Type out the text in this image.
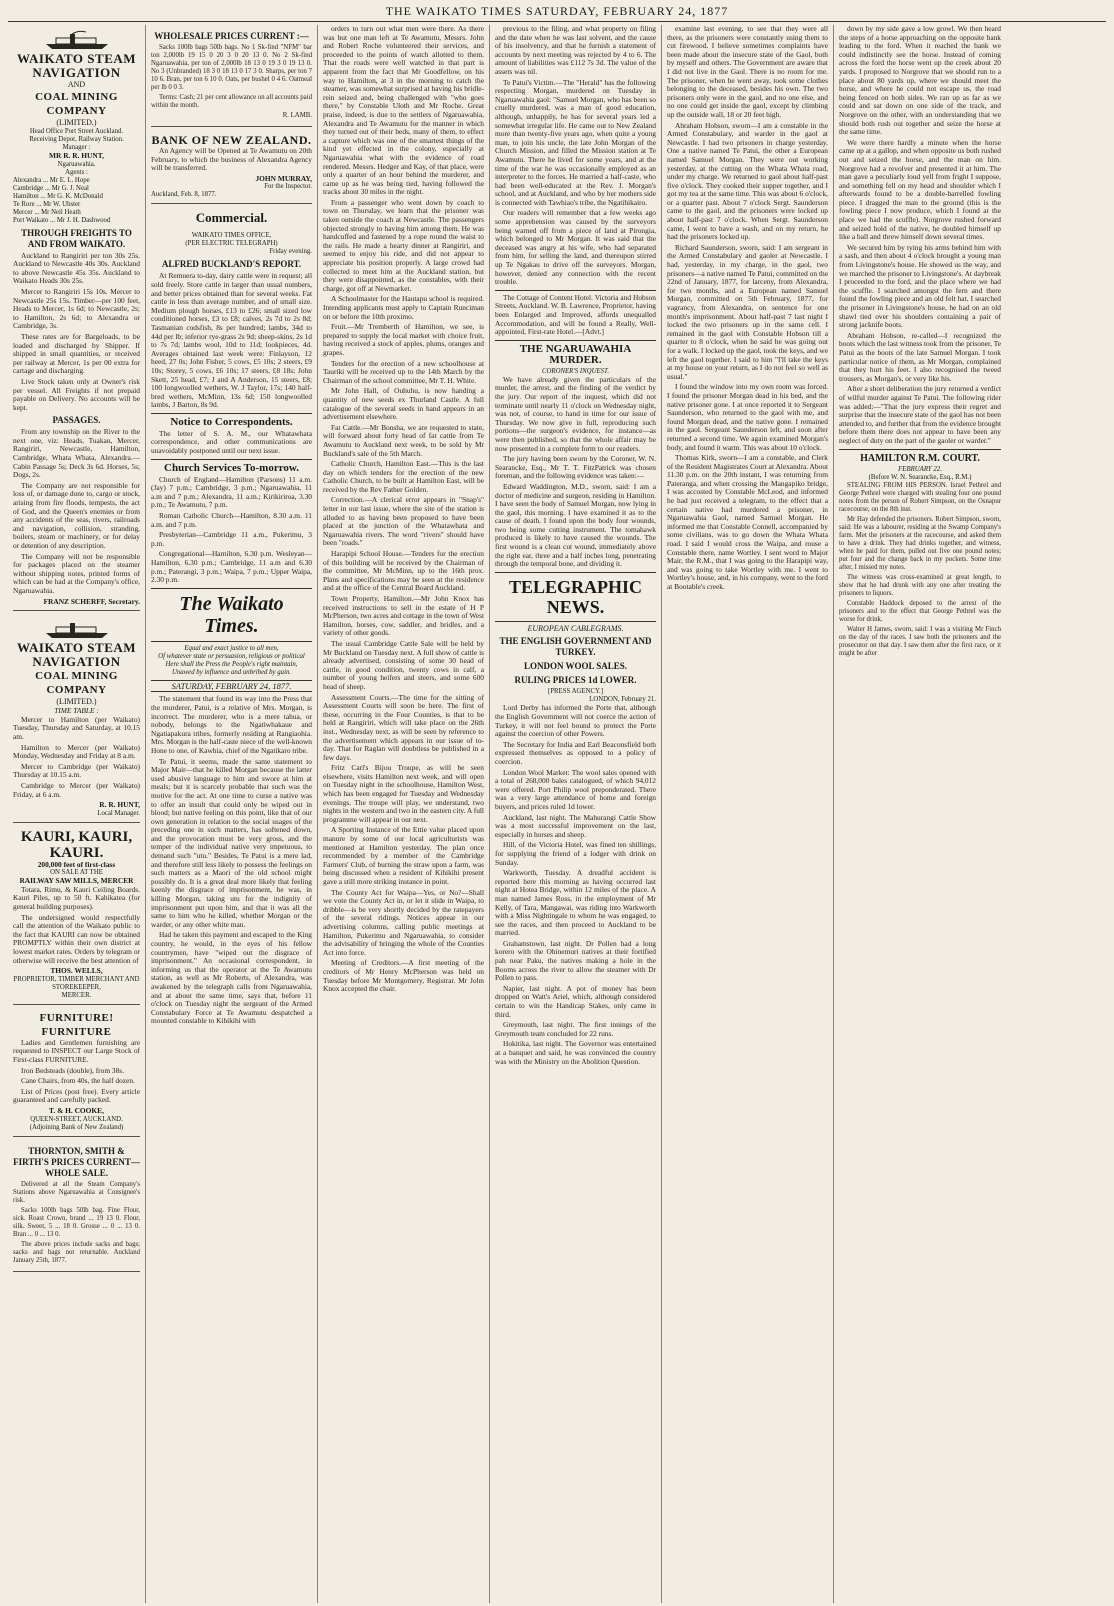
THE WAIKATO TIMES SATURDAY, FEBRUARY 24, 1877
WAIKATO STEAM NAVIGATION
AND
COAL MINING COMPANY
(LIMITED.)
Head Office Port Street Auckland.
Receiving Depot, Railway Station.
Manager :
MR R. R. HUNT,
Ngaruawahia.
Agents :
Alexandra ... Mr E. L. Hope
Cambridge ... Mr G. J. Neal
Hamilton ... Mr G. K. McDonald
Te Rore ... Mr W. Ubster
Mercer ... Mr Neil Heath
Port Waikato ... Mr J. H. Dashwood
THROUGH FREIGHTS TO AND FROM WAIKATO.

Auckland to Rangiriri per ton 30s 25s. Auckland to Newcastle 40s 30s. Auckland to above Newcastle 45s 35s. Auckland to Waikato Heads 30s 25s.

Mercer to Rangiriri 15s 10s. Mercer to Newcastle 25s 15s. Timber—per 100 feet, Heads to Mercer, 1s 6d; to Newcastle, 2s; to Hamilton, 2s 6d; to Alexandra or Cambridge, 3s.

These rates are for Bargeloads, to be loaded and discharged by Shipper. If shipped in small quantities, or received per railway at Mercer, 1s per 00 extra for cartage and discharging.

Live Stock taken only at Owner's risk per vessel. All Freights if not prepaid payable on Delivery. No accounts will be kept.

PASSAGES.

From any township on the River to the next one, viz: Heads, Tuakau, Mercer, Rangiriri, Newcastle, Hamilton, Cambridge, Whata Whata, Alexandra.—Cabin Passage 5s; Deck 3s 6d. Horses, 5s; Dogs, 2s.

The Company are not responsible for loss of, or damage done to, cargo or stock, arising from fire floods, tempests, the act of God, and the Queen's enemies or from any accidents of the seas, rivers, railroads and navigation, collision, stranding, boilers, steam or machinery, or for delay or detention of any description.

The Company will not be responsible for packages placed on the steamer without shipping notes, printed forms of which can be had at the Company's office, Ngaruawahia.

FRANZ SCHERFF, Secretary.
WAIKATO STEAM NAVIGATION
COAL MINING COMPANY
(LIMITED.)
TIME TABLE :

Mercer to Hamilton (per Waikato) Tuesday, Thursday and Saturday, at 10.15 am.

Hamilton to Mercer (per Waikato) Monday, Wednesday and Friday at 8 a.m.

Mercer to Cambridge (per Waikato) Thursday at 10.15 a.m.

Cambridge to Mercer (per Waikato) Friday, at 6 a.m.

R. R. HUNT,
Local Manager.
KAURI, KAURI, KAURI.
200,000 feet of first-class
ON SALE AT THE
RAILWAY SAW MILLS, MERCER

Totara, Rimu, & Kauri Ceiling Boards. Kauri Piles, up to 50 ft. Kahikatea (for general building purposes).

The undersigned would respectfully call the attention of the Waikato public to the fact that KAURI can now be obtained PROMPTLY within their own district at lowest market rates. Orders by telegram or otherwise will receive the best attention of

THOS. WELLS,
PROPRIETOR, TIMBER MERCHANT AND STOREKEEPER,
MERCER.
FURNITURE! FURNITURE

Ladies and Gentlemen furnishing are requested to INSPECT our Large Stock of First-class FURNITURE.

Iron Bedsteads (double), from 38s.

Cane Chairs, from 40s, the half dozen.

List of Prices (post free). Every article guaranteed and carefully packed.

T. & H. COOKE,
QUEEN-STREET, AUCKLAND.
(Adjoining Bank of New Zealand)
THORNTON, SMITH & FIRTH'S PRICES CURRENT— WHOLE SALE.

Delivered at all the Steam Company's Stations above Ngaruawahia at Consignee's risk.

Sacks 100lb bags 50lb bag. Fine Flour, sick. Roast Crown, brand ... 19 13 0. Flour, silk. Sweet, 5 ... 18 0. Grosse ... 0 ... 13 0. Bran ... 0 ... 13 0.

The above prices include sacks and bags; sacks and bags not returnable. Auckland January 25th, 1877.

WHOLESALE PRICES CURRENT :—

Sacks 100lb bags 50lb bags. No 1 Sk-find "NFM" bar ton 2,000lb 19 15 0 20 3 0 20 13 0. No 2 Sk-find Ngaruawahia, per ton of 2,000lb 18 13 0 19 3 0 19 13 0. No 3 (Unbranded) 18 3 0 18 13 0 17 3 0. Sharps, per ton 7 10 6. Bran, per ton 6 10 0. Oats, per bushel 0 4 6. Oatmeal per lb 0 0 3.

Terms: Cash; 21 per cent allowance on all accounts paid within the month.

R. LAMB.

BANK OF NEW ZEALAND.

An Agency will be Opened at Te Awamutu on 20th February, to which the business of Alexandra Agency will be transferred.

JOHN MURRAY,
For the Inspector.
Auckland, Feb. 8, 1877.
Commercial.
WAIKATO TIMES OFFICE,
(PER ELECTRIC TELEGRAPH)
Friday evening.
ALFRED BUCKLAND'S REPORT.

At Remuera to-day, dairy cattle were in request; all sold freely. Store cattle in larger than usual numbers, and better prices obtained than for several weeks. Fat cattle in less than average number, and of small size. Medium plough horses, £13 to £26; small sized low conditioned horses, £3 to £8; calves, 2s 7d to 2s 8d; Tasmanian codsfish, 8s per hundred; lambs, 34d to 44d per lb; inferior rye-grass 2s 9d; sheep-skins, 2s 1d to 7s 7d; lambs wool, 10d to 11d; lookpieces, 4d. Averages obtained last week were: Finlayson, 12 heed, 27 0s; John Fisher, 5 cows, £5 10s; 2 steers, £9 10s; Storey, 5 cows, £6 10s; 17 steers, £8 18s; John Skett, 25 head, £7; J and A Anderson, 15 steers, £8; 100 longwoolled wethers, W. J Taylor, 17s; 140 half-bred wethers, McMinn, 13s 6d; 150 longwoolled lambs, J Barton, 8s 9d.

Notice to Correspondents.

The letter of S. A. M., our Whatawhata correspondence, and other communications are unavoidably postponed until our next issue.

Church Services To-morrow.

Church of England—Hamilton (Parsons) 11 a.m. (Jay) 7 p.m.; Cambridge, 3 p.m.; Ngaruawahia, 11 a.m and 7 p.m.; Alexandra, 11 a.m.; Kirikiriroa, 3.30 p.m.; Te Awamutu, 7 p.m.

Roman Catholic Church—Hamilton, 8.30 a.m. 11 a.m. and 7 p.m.

Presbyterian—Cambridge 11 a.m., Pukerimu, 3 p.m.

Congregational—Hamilton, 6.30 p.m. Wesleyan—Hamilton, 6.30 p.m.; Cambridge, 11 a.m and 6.30 p.m.; Paterangi, 3 p.m.; Waipa, 7 p.m.; Upper Waipa, 2.30 p.m.

The Waikato Times.
Equal and exact justice to all men,
Of whatever state or persuasion, religious or political
Here shall the Press the People's right maintain,
Unawed by influence and unbribed by gain.
SATURDAY, FEBRUARY 24, 1877.

The statement that found its way into the Press that the murderer, Patui, is a relative of Mrs. Morgan, is incorrect. The murderer, who is a mere tahua, or nobody, belongs to the Ngatiwhakaue and Ngatiapakura tribes, formerly residing at Rangiaohia. Mrs. Morgan is the half-caste niece of the well-known Hone to one, of Kawhia, chief of the Ngatikaro tribe.

Te Patui, it seems, made the same statement to Major Mair—that he killed Morgan because the latter used abusive language to him and swore at him at meals; but it is scarcely probable that such was the motive for the act. At one time to curse a native was to offer an insult that could only be wiped out in blood; but native feeling on this point, like that of our own generation in relation to the social usages of the preceding one in such matters, has softened down, and the provocation must be very gross, and the temper of the individual native very impetuous, to demand such "utu." Besides, Te Patui is a mere lad, and therefore still less likely to possess the feelings on such matters as a Maori of the old school might possibly do. It is a great deal more likely that feeling keenly the disgrace of imprisonment, he was, in killing Morgan, taking utu for the indignity of imprisonment put upon him, and that it was all the same to him who he killed, whether Morgan or the warder, or any other white man.

Had he taken this payment and escaped to the King country, he would, in the eyes of his fellow countrymen, have "wiped out the disgrace of imprisonment." An occasional correspondent, in informing us that the operator at the Te Awamutu station, as well as Mr Roberts, of Alexandra, was awakened by the telegraph calls from Ngaruawahia, and at about the same time, says that, before 11 o'clock on Tuesday night the sergeant of the Armed Constabulary Force at Te Awamutu despatched a mounted constable to Kihikihi with

orders to turn out what men were there. As there was but one man left at Te Awamutu, Messrs. John and Robert Roche volunteered their services, and proceeded to the points of watch allotted to them. That the roads were well watched in that part is apparent from the fact that Mr Goodfellow, on his way to Hamilton, at 3 in the morning to catch the steamer, was somewhat surprised at having his bridle-rein seized and, being challenged with "who goes there," by Constable Uloth and Mr Roche. Great praise, indeed, is due to the settlers of Ngaruawahia, Alexandra and Te Awamutu for the manner in which they turned out of their beds, many of them, to effect a capture which was one of the smartest things of the kind yet effected in the colony, especially at Ngaruawahia what with the evidence of road rendered. Messrs. Hedger and Kay, of that place, were only a quarter of an hour behind the murderer, and came up as he was being tied, having followed the tracks about 30 miles in the night.

From a passenger who went down by coach to town on Thursday, we learn that the prisoner was taken outside the coach at Newcastle. The passengers objected strongly to having him among them. He was handcuffed and fastened by a rope round the waist to the rails. He made a hearty dinner at Rangiriri, and seemed to enjoy his ride, and did not appear to appreciate his position properly. A large crowd had collected to meet him at the Auckland station, but they were disappointed, as the constables, with their charge, got off at Newmarket.

A Schoolmaster for the Hautapu school is required. Intending applicants must apply to Captain Runciman on or before the 10th proximo.

Fruit.—Mr Tremberth of Hamilton, we see, is prepared to supply the local market with choice fruit, having received a stock of apples, plums, oranges and grapes.

Tenders for the erection of a new schoolhouse at Tauriki will be received up to the 14th March by the Chairman of the school committee, Mr T. H. White.

Mr John Hall, of Ouhuhu, is now handing a quantity of new seeds ex Thurland Castle. A full catalogue of the several seeds in hand appears in an advertisement elsewhere.

Fat Cattle.—Mr Bonsha, we are requested to state, will forward about forty head of fat cattle from Te Awamutu to Auckland next week, to be sold by Mr Buckland's sale of the 5th March.

Catholic Church, Hamilton East.—This is the last day on which tenders for the erection of the new Catholic Church, to be built at Hamilton East, will be received by the Rev Father Golden.

Correction.—A clerical error appears in "Snap's" letter in our last issue, where the site of the station is alluded to as having been proposed to have been placed at the junction of the Whatawhata and Ngaruawahia rivers. The word "rivers" should have been "roads."

Harapipi School House.—Tenders for the erection of this building will be received by the Chairman of the committee, Mr McMinn, up to the 16th prox. Plans and specifications may be seen at the residence and at the office of the Central Board Auckland.

Town Property, Hamilton.—Mr John Knox has received instructions to sell in the estate of H P McPherson, two acres and cottage in the town of West Hamilton, horses, cow, saddler, and bridles, and a variety of other goods.

The usual Cambridge Cattle Sale will be held by Mr Buckland on Tuesday next. A full show of cattle is already advertised, consisting of some 30 head of cattle, in good condition, twenty cows in calf, a number of young heifers and steers, and some 600 head of sheep.

Assessment Courts.—The time for the sitting of Assessment Courts will soon be here. The first of these, occurring in the Four Counties, is that to be held at Rangiriri, which will take place on the 26th inst., Wednesday next, as will be seen by reference to the advertisement which appears in our issue of to-day. That for Raglan will doubtless be published in a few days.

Fritz Carl's Bijou Troupe, as will be seen elsewhere, visits Hamilton next week, and will open on Tuesday night in the schoolhouse, Hamilton West, which has been engaged for Tuesday and Wednesday evenings. The troupe will play, we understand, two nights in the western and two in the eastern city. A full programme will appear in our next.

A Sporting Instance of the Ettie value placed upon manure by some of our local agriculturists was mentioned at Hamilton yesterday. The plan once recommended by a member of the Cambridge Farmers' Club, of burning the straw upon a farm, was being discussed when a resident of Kihikihi present gave a still more striking instance in point.

The County Act for Waipa—Yes, or No?—Shall we vote the County Act in, or let it slide in Waipa, to dribble—is be very shortly decided by the ratepayers of the several ridings. Notices appear in our advertising columns, calling public meetings at Hamilton, Pukerimu and Ngaruawahia, to consider the advisability of bringing the whole of the Counties Act into force.

Meeting of Creditors.—A first meeting of the creditors of Mr Henry McPherson was held on Tuesday before Mr Montgomery, Registrar. Mr John Knox accepted the chair.

previous to the filing, and what property on filing and the date when he was last solvent, and the cause of his insolvency, and that he furnish a statement of accounts by next meeting was rejected by 4 to 6. The amount of liabilities was £112 7s 3d. The value of the assets was nil.

Te Patui's Victim.—The "Herald" has the following respecting Morgan, murdered on Tuesday in Ngaruawahia gaol: "Samuel Morgan, who has been so cruelly murdered, was a man of good education, although, unhappily, he has for several years led a somewhat irregular life. He came out to New Zealand more than twenty-five years ago, when quite a young man, to join his uncle, the late John Morgan of the Church Mission, and filled the Mission station at Te Awamutu. There he lived for some years, and at the time of the war he was occasionally employed as an interpreter to the forces. He married a half-caste, who had been well-educated at the Rev. J. Morgan's school, and at Auckland, and who by her mothers side is connected with Tawhiao's tribe, the Ngatihikairo.

Our readers will remember that a few weeks ago some apprehension was caused by the surveyors being warned off from a piece of land at Pirongia, which belonged to Mr Morgan. It was said that the deceased was angry at his wife, who had separated from him, for selling the land, and thereupon stirred up Te Ngakau to drive off the surveyors. Morgan, however, denied any connection with the recent trouble.

The Cottage of Content Hotel. Victoria and Hobson Streets, Auckland. W. B. Lawrence, Proprietor, having been Enlarged and Improved, affords unequalled Accommodation, and will be found a Really, Well-appointed, First-rate Hotel.—[Advt.]

THE NGARUAWAHIA MURDER.
CORONER'S INQUEST.

We have already given the particulars of the murder, the arrest, and the finding of the verdict by the jury. Our report of the inquest, which did not terminate until nearly 11 o'clock on Wednesday night, was not, of course, to hand in time for our issue of Thursday. We now give in full, reproducing such portions—the surgeon's evidence, for instance—as were then published, so that the whole affair may be now presented in a complete form to our readers.

The jury having been sworn by the Coroner, W. N. Searancke, Esq., Mr T. T. FitzPatrick was chosen foreman, and the following evidence was taken:—

Edward Waddington, M.D., sworn, said: I am a doctor of medicine and surgeon, residing in Hamilton. I have seen the body of Samuel Morgan, now lying in the gaol, this morning. I have examined it as to the cause of death. I found upon the body four wounds, two being some cutting instrument. The tomahawk produced is likely to have caused the wounds. The first wound is a clean cut wound, immediately above the right ear, three and a half inches long, penetrating through the temporal bone, and dividing it.

TELEGRAPHIC NEWS.
EUROPEAN CABLEGRAMS.
THE ENGLISH GOVERNMENT AND TURKEY.
LONDON WOOL SALES.
RULING PRICES 1d LOWER.
[PRESS AGENCY.]
LONDON, February 21.

Lord Derby has informed the Porte that, although the English Government will not coerce the action of Turkey, it will not feel bound to protect the Porte against the coercion of other Powers.

The Secretary for India and Earl Beaconsfield both expressed themselves as opposed to a policy of coercion.

London Wool Market: The wool sales opened with a total of 268,000 bales catalogued, of which 94,012 were offered. Port Philip wool preponderated. There was a very large attendance of home and foreign buyers, and prices ruled 1d lower.

Auckland, last night. The Mahurangi Cattle Show was a most successful improvement on the last, especially in horses and sheep.

Hill, of the Victoria Hotel, was fined ten shillings, for supplying the friend of a lodger with drink on Sunday.

Warkworth, Tuesday. A dreadful accident is reported here this morning as having occurred last night at Hotea Bridge, within 12 miles of the place. A man named James Ross, in the employment of Mr Kelly, of Tara, Mangawai, was riding into Warkworth with a Miss Nightingale to whom he was engaged, to see the races, and then proceed to Auckland to be married.

Grahamstown, last night. Dr Pollen had a long korero with the Ohinemuri natives at their fortified pah near Paku, the natives making a hole in the Booms across the river to allow the steamer with Dr Pollen to pass.

Napier, last night. A pot of money has been dropped on Watt's Ariel, which, although considered certain to win the Handicap Stakes, only came in third.

Greymouth, last night. The first innings of the Greymouth team concluded for 22 runs.

Hokitika, last night. The Governor was entertained at a banquet and said, he was convinced the country was with the Ministry on the Abolition Question.

examine last evening, to see that they were all there, as the prisoners were constantly using them to cut firewood. I believe sometimes complaints have been made about the insecure state of the Gaol, both by myself and others. The Government are aware that I did not live in the Gaol. There is no room for me. The prisoner, when he went away, took some clothes belonging to the deceased, besides his own. The two prisoners only were in the gaol, and no one else, and no one could get inside the gaol, except by climbing up the outside wall, 18 or 20 feet high.

Abraham Hobson, sworn—I am a constable in the Armed Constabulary, and warder in the gaol at Newcastle. I had two prisoners in charge yesterday. One a native named Te Patui, the other a European named Samuel Morgan. They were out working yesterday, at the cutting on the Whata Whata road, under my charge. We returned to gaol about half-past five o'clock. They cooked their supper together, and I got my tea at the same time. This was about 6 o'clock, or a quarter past. About 7 o'clock Sergt. Saunderson came to the gaol, and the prisoners were locked up about half-past 7 o'clock. When Sergt. Saunderson came, I went to have a wash, and on my return, he had the prisoners locked up.

Richard Saunderson, sworn, said: I am sergeant in the Armed Constabulary and gaoler at Newcastle. I had, yesterday, in my charge, in the gaol, two prisoners—a native named Te Patui, committed on the 22nd of January, 1877, for larceny, from Alexandra, for two months, and a European named Samuel Morgan, committed on 5th February, 1877, for vagrancy, from Alexandra, on sentence for one month's imprisonment. About half-past 7 last night I locked the two prisoners up in the same cell. I remained in the gaol with Constable Hobson till a quarter to 8 o'clock, when he said he was going out for a walk. I locked up the gaol, took the keys, and we left the gaol together. I said to him "I'll take the keys at my house on your return, as I do not feel so well as usual."

I found the window into my own room was forced. I found the prisoner Morgan dead in his bed, and the native prisoner gone. I at once reported it to Sergeant Saunderson, who returned to the gaol with me, and found Morgan dead, and the native gone. I remained in the gaol. Sergeant Saunderson left, and soon after returned a second time. We again examined Morgan's body, and found it warm. This was about 10 o'clock.

Thomas Kirk, sworn—I am a constable, and Clerk of the Resident Magistrates Court at Alexandra. About 11.30 p.m. on the 20th instant, I was returning from Pateranga, and when crossing the Mangapiko bridge, I was accosted by Constable McLeod, and informed he had just received a telegram, to the effect that a certain native had murdered a prisoner, in Ngaruawahia Gaol, named Samuel Morgan. He informed me that Constable Connell, accompanied by some civilians, was to go down the Whata Whata road. I said I would cross the Waipa, and rouse a Constable there, name Wortley. I sent word to Major Mair, the R.M., that I was going to the Harapipi way, and was going to take Wortley with me. I went to Wortley's house, and, in his company, went to the ford at Bootable's creek.

down by my side gave a low growl. We then heard the steps of a horse approaching on the opposite bank leading to the ford. When it reached the bank we could indistinctly see the horse. Instead of coming across the ford the horse went up the creek about 20 yards. I proposed to Norgrove that we should run to a place about 80 yards up, where we should meet the horse, and where he could not escape us, the road being fenced on both sides. We ran up as far as we could and sat down on one side of the track, and Norgrove on the other, with an understanding that we should both rush out together and seize the horse at the same time.

We were there hardly a minute when the horse came up at a gallop, and when opposite us both rushed out and seized the horse, and the man on him. Norgrove had a revolver and presented it at him. The man gave a peculiarly loud yell from fright I suppose, and something fell on my head and shoulder which I afterwards found to be a double-barrelled fowling piece. I dragged the man to the ground (this is the fowling piece I now produce, which I found at the place we had the scuffle). Norgrove rushed forward and seized hold of the native, he doubled himself up like a ball and threw himself down several times.

We secured him by tying his arms behind him with a sash, and then about 4 o'clock brought a young man from Livingstone's house. He showed us the way, and we marched the prisoner to Livingstone's. At daybreak I proceeded to the ford, and the place where we had the scuffle. I searched amongst the fern and there found the fowling piece and an old felt hat. I searched the prisoner in Livingstone's house, he had on an old shawl tied over his shoulders containing a pair of strong jacknife boots.

Abraham Hobson, re-called—I recognized the boots which the last witness took from the prisoner, Te Patui as the boots of the late Samuel Morgan. I took particular notice of them, as Mr Morgan, complained that they hurt his feet. I also recognised the tweed trousers, as Morgan's, or very like his.

After a short deliberation the jury returned a verdict of wilful murder against Te Patui. The following rider was added:—"That the jury express their regret and surprise that the insecure state of the gaol has not been attended to, and further that from the evidence brought before them there does not appear to have been any neglect of duty on the part of the gaoler or warder."

HAMILTON R.M. COURT.
FEBRUARY 22.
(Before W. N. Searancke, Esq., R.M.)

STEALING FROM HIS PERSON. Israel Pethrel and George Pethrel were charged with stealing four one pound notes from the person of Robert Simpson, on the Osnapur racecourse, on the 8th inst.

Mr Hay defended the prisoners. Robert Simpson, sworn, said: He was a labourer, residing at the Swamp Company's farm. Met the prisoners at the racecourse, and asked them to have a drink. They had drinks together, and witness, when he paid for them, pulled out five one pound notes; put four and the change back in my pockets. Some time after, I missed my notes.

The witness was cross-examined at great length, to show that he had drunk with any one after treating the prisoners to liquors.

Constable Haddock deposed to the arrest of the prisoners and to the effect that George Pethrel was the worse for drink.

Walter H James, sworn, said: I was a visiting Mr Finch on the day of the races. I saw both the prisoners and the prosecutor on that day. I saw them after the first race, or it might be after
